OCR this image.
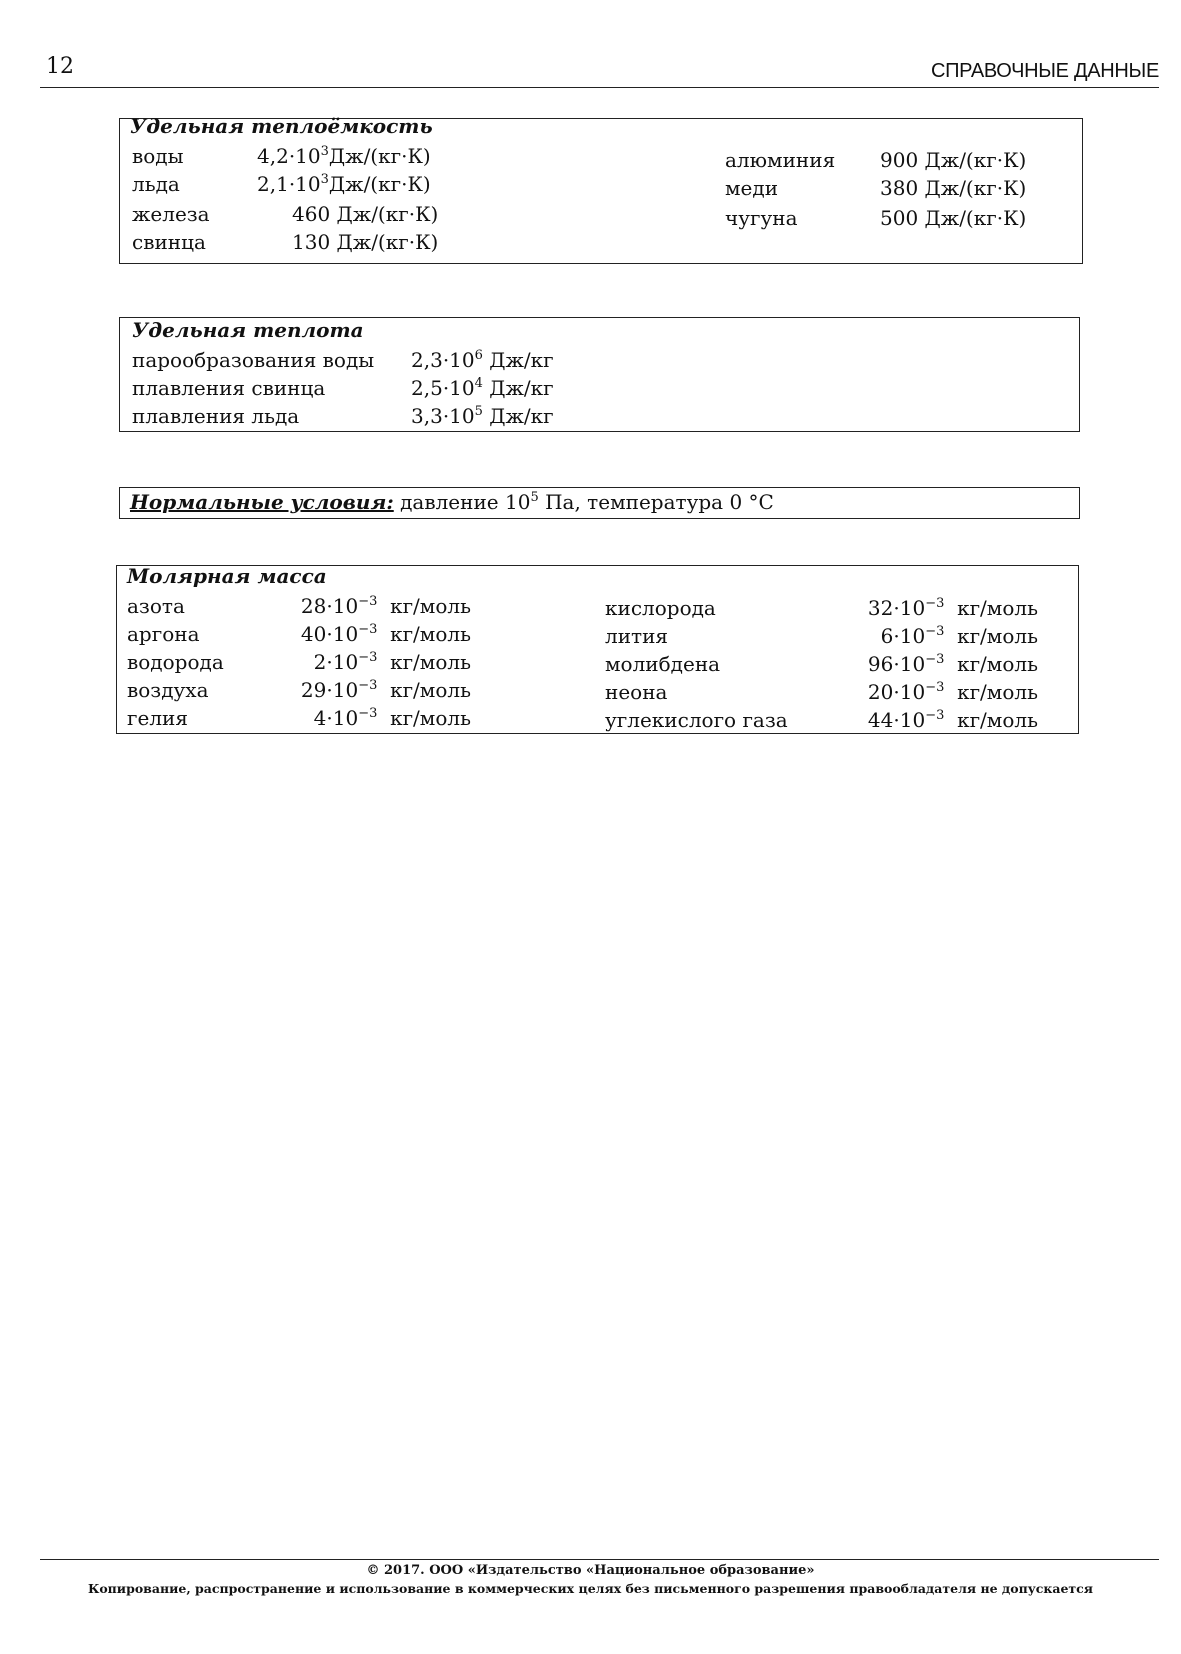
12	СПРАВОЧНЫЕ ДАННЫЕ
Удельная теплоёмкость
воды	$4,2\cdot 10^3Дж/(кг\cdot К)$
льда	$2,1\cdot 10^3Дж/(кг\cdot К)$
железа	460 Дж/(кг·К)
свинца	130 Дж/(кг·К)
алюминия 900 Дж/(кг·К)
меди	380 Дж/(кг·К)
чугуна	500 Дж/(кг·К)
Удельная теплота
парообразования воды $2,3\cdot 10^6$ Дж/кг
плавления свинца	$2,5\cdot 10^4$ Дж/кг
плавления льда	$3,3\cdot 10^5$ Дж/кг
Нормальные условия: давление $10^5$ Па, температура 0 °С
Молярная масса
азота	$28\cdot 10^{-3}$ кг/моль
аргона	$40\cdot 10^{-3}$ кг/моль
водорода	$2\cdot 10^{-3}$ кг/моль
воздуха	$29\cdot 10^{-3}$ кг/моль
гелия	$4\cdot 10^{-3}$ кг/моль
кислорода	$32\cdot 10^{-3}$ кг/моль
лития	$6\cdot 10^{-3}$ кг/моль
молибдена	$96\cdot 10^{-3}$ кг/моль
неона	$20\cdot 10^{-3}$ кг/моль
углекислого газа	$44\cdot 10^{-3}$ кг/моль
© 2017. ООО «Издательство «Национальное образование»
Копирование, распространение и использование в коммерческих целях без письменного разрешения правообладателя не допускается
